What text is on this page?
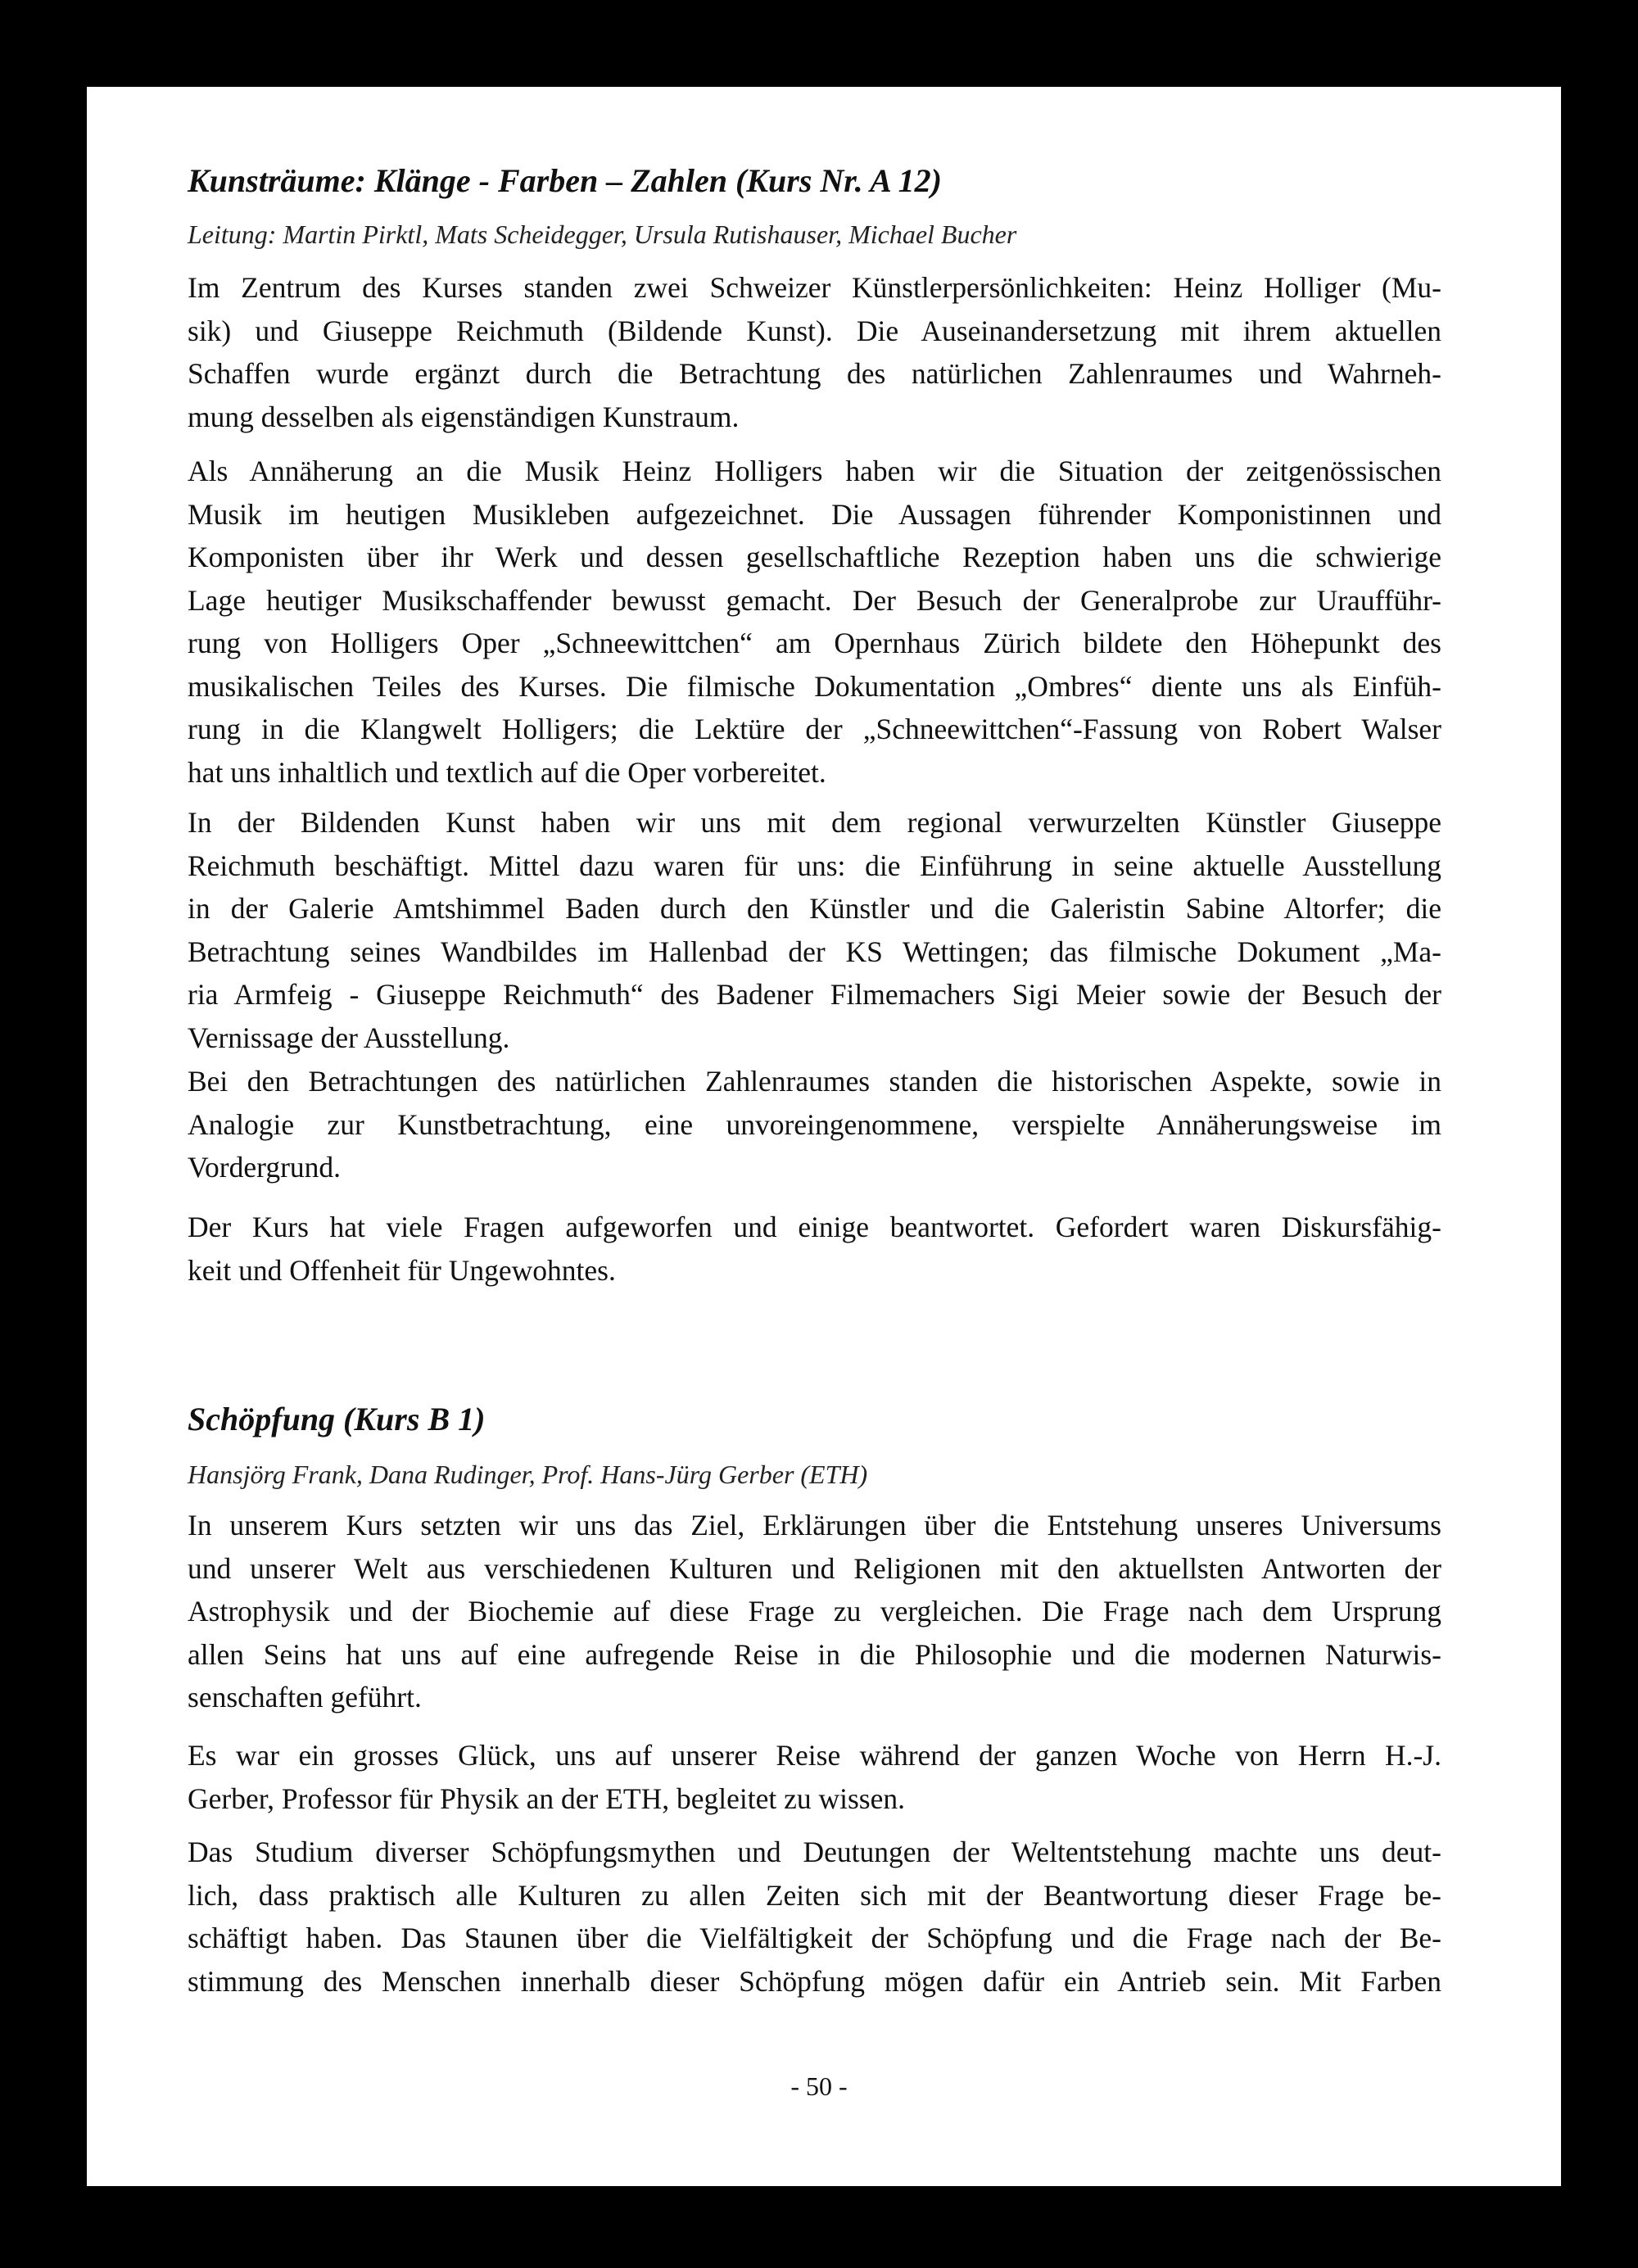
Kunsträume: Klänge - Farben – Zahlen (Kurs Nr. A 12)
Leitung: Martin Pirktl, Mats Scheidegger, Ursula Rutishauser, Michael Bucher
Im Zentrum des Kurses standen zwei Schweizer Künstlerpersönlichkeiten: Heinz Holliger (Mu-
sik) und Giuseppe Reichmuth (Bildende Kunst). Die Auseinandersetzung mit ihrem aktuellen
Schaffen wurde ergänzt durch die Betrachtung des natürlichen Zahlenraumes und Wahrneh-
mung desselben als eigenständigen Kunstraum.
Als Annäherung an die Musik Heinz Holligers haben wir die Situation der zeitgenössischen
Musik im heutigen Musikleben aufgezeichnet. Die Aussagen führender Komponistinnen und
Komponisten über ihr Werk und dessen gesellschaftliche Rezeption haben uns die schwierige
Lage heutiger Musikschaffender bewusst gemacht. Der Besuch der Generalprobe zur Uraufführ-
rung von Holligers Oper „Schneewittchen“ am Opernhaus Zürich bildete den Höhepunkt des
musikalischen Teiles des Kurses. Die filmische Dokumentation „Ombres“ diente uns als Einfüh-
rung in die Klangwelt Holligers; die Lektüre der „Schneewittchen“-Fassung von Robert Walser
hat uns inhaltlich und textlich auf die Oper vorbereitet.
In der Bildenden Kunst haben wir uns mit dem regional verwurzelten Künstler Giuseppe
Reichmuth beschäftigt. Mittel dazu waren für uns: die Einführung in seine aktuelle Ausstellung
in der Galerie Amtshimmel Baden durch den Künstler und die Galeristin Sabine Altorfer; die
Betrachtung seines Wandbildes im Hallenbad der KS Wettingen; das filmische Dokument „Ma-
ria Armfeig - Giuseppe Reichmuth“ des Badener Filmemachers Sigi Meier sowie der Besuch der
Vernissage der Ausstellung.
Bei den Betrachtungen des natürlichen Zahlenraumes standen die historischen Aspekte, sowie in
Analogie zur Kunstbetrachtung, eine unvoreingenommene, verspielte Annäherungsweise im
Vordergrund.
Der Kurs hat viele Fragen aufgeworfen und einige beantwortet. Gefordert waren Diskursfähig-
keit und Offenheit für Ungewohntes.
Schöpfung (Kurs B 1)
Hansjörg Frank, Dana Rudinger, Prof. Hans-Jürg Gerber (ETH)
In unserem Kurs setzten wir uns das Ziel, Erklärungen über die Entstehung unseres Universums
und unserer Welt aus verschiedenen Kulturen und Religionen mit den aktuellsten Antworten der
Astrophysik und der Biochemie auf diese Frage zu vergleichen. Die Frage nach dem Ursprung
allen Seins hat uns auf eine aufregende Reise in die Philosophie und die modernen Naturwis-
senschaften geführt.
Es war ein grosses Glück, uns auf unserer Reise während der ganzen Woche von Herrn H.-J.
Gerber, Professor für Physik an der ETH, begleitet zu wissen.
Das Studium diverser Schöpfungsmythen und Deutungen der Weltentstehung machte uns deut-
lich, dass praktisch alle Kulturen zu allen Zeiten sich mit der Beantwortung dieser Frage be-
schäftigt haben. Das Staunen über die Vielfältigkeit der Schöpfung und die Frage nach der Be-
stimmung des Menschen innerhalb dieser Schöpfung mögen dafür ein Antrieb sein. Mit Farben
- 50 -
